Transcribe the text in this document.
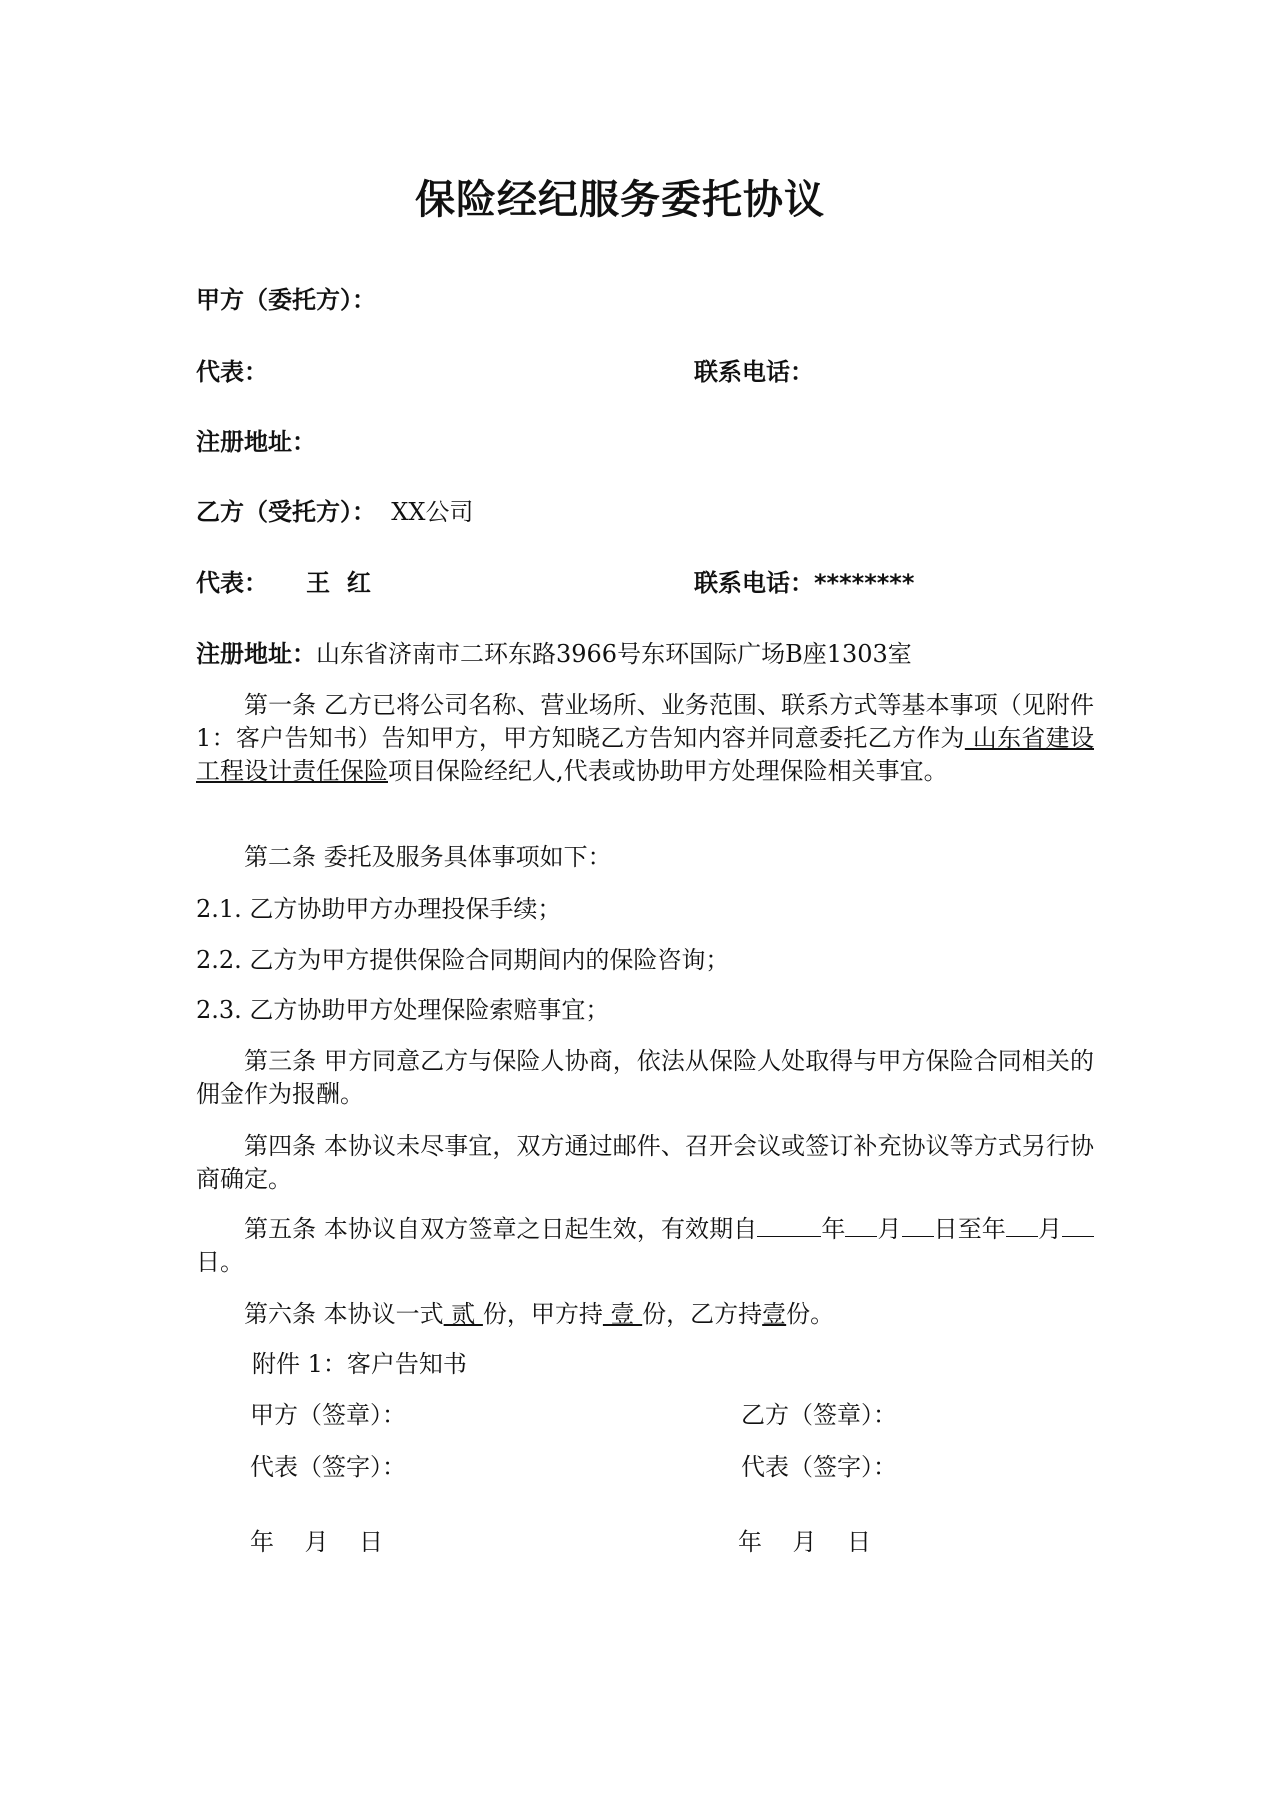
保险经纪服务委托协议
甲方（委托方）：
代表：	联系电话：
注册地址：
乙方（受托方）： XX公司
代表： 王  红	联系电话：********
注册地址：山东省济南市二环东路3966号东环国际广场B座1303室
第一条 乙方已将公司名称、营业场所、业务范围、联系方式等基本事项（见附件 1：客户告知书）告知甲方，甲方知晓乙方告知内容并同意委托乙方作为 山东省建设工程设计责任保险项目保险经纪人,代表或协助甲方处理保险相关事宜。
第二条 委托及服务具体事项如下：
2.1. 乙方协助甲方办理投保手续；
2.2. 乙方为甲方提供保险合同期间内的保险咨询；
2.3. 乙方协助甲方处理保险索赔事宜；
第三条 甲方同意乙方与保险人协商，依法从保险人处取得与甲方保险合同相关的佣金作为报酬。
第四条 本协议未尽事宜，双方通过邮件、召开会议或签订补充协议等方式另行协商确定。
第五条 本协议自双方签章之日起生效，有效期自	年 月 日至年 月日。
第六条 本协议一式 贰 份，甲方持 壹 份，乙方持壹份。
附件 1：客户告知书
甲方（签章）：	乙方（签章）：
代表（签字）：	代表（签字）：
年    月    日	年    月    日
